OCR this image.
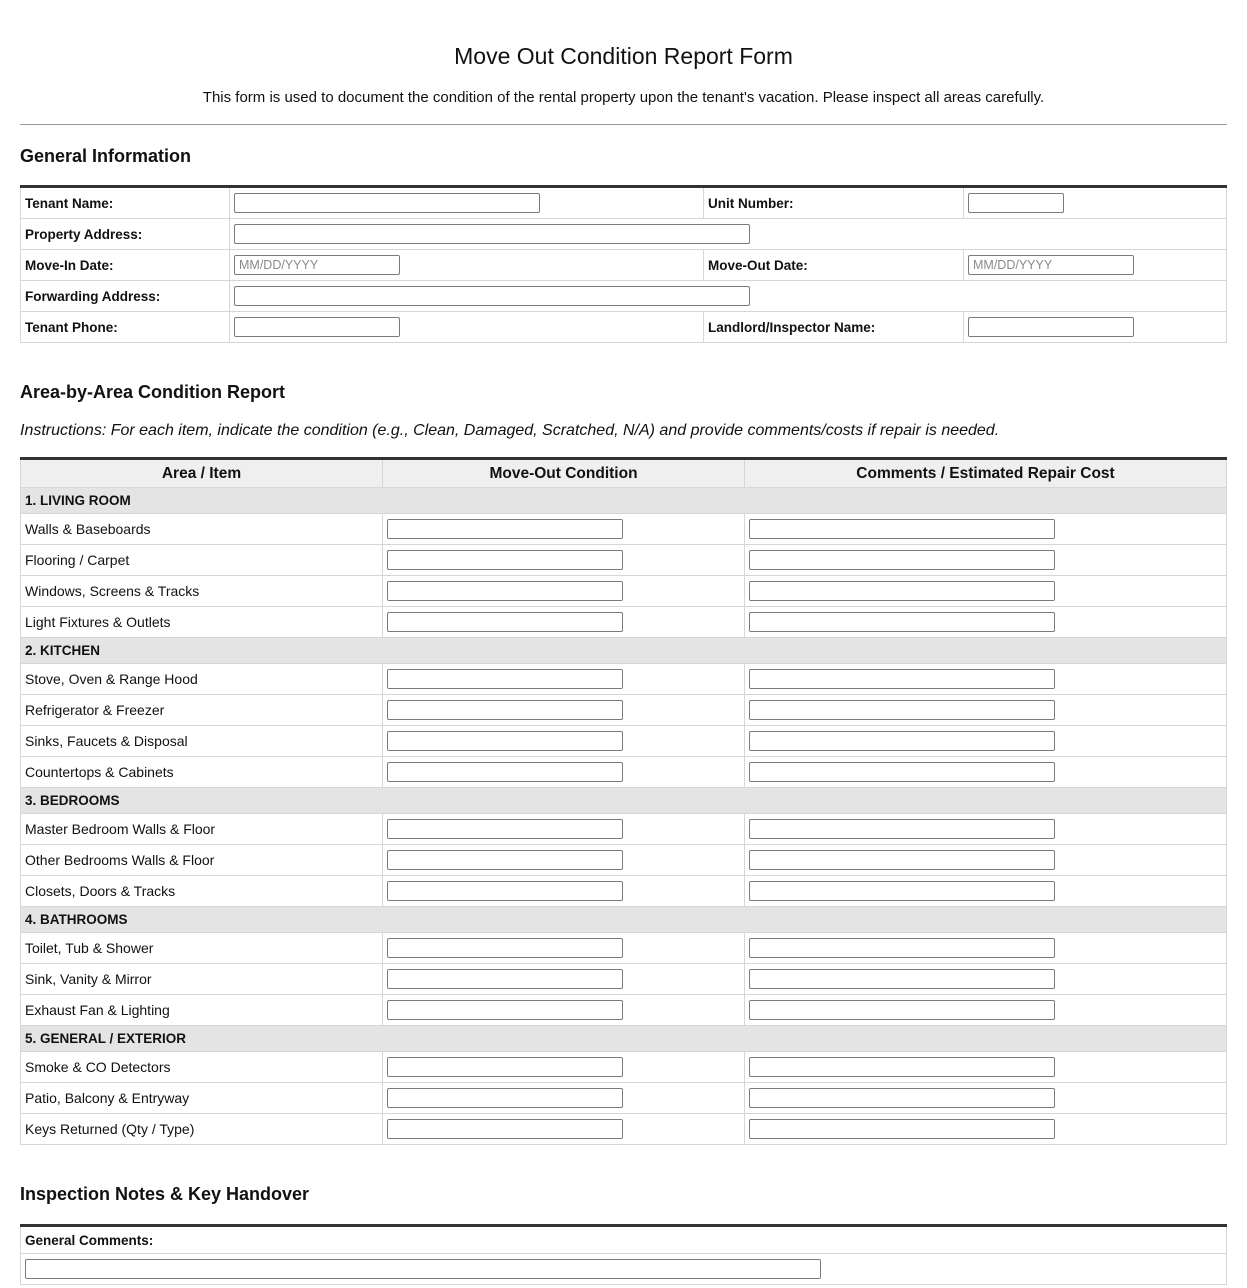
Move Out Condition Report Form

This form is used to document the condition of the rental property upon the tenant's vacation. Please inspect all areas carefully.

General Information
Tenant Name:		Unit Number:	
Property Address:			
Move-In Date:	MM/DD/YYYY	Move-Out Date:	MM/DD/YYYY
Forwarding Address:			
Tenant Phone:		Landlord/Inspector Name:	
Area-by-Area Condition Report

Instructions: For each item, indicate the condition (e.g., Clean, Damaged, Scratched, N/A) and provide comments/costs if repair is needed.

Area / Item	Move-Out Condition	Comments / Estimated Repair Cost
1. LIVING ROOM		
Walls & Baseboards		
Flooring / Carpet		
Windows, Screens & Tracks		
Light Fixtures & Outlets		
2. KITCHEN		
Stove, Oven & Range Hood		
Refrigerator & Freezer		
Sinks, Faucets & Disposal		
Countertops & Cabinets		
3. BEDROOMS		
Master Bedroom Walls & Floor		
Other Bedrooms Walls & Floor		
Closets, Doors & Tracks		
4. BATHROOMS		
Toilet, Tub & Shower		
Sink, Vanity & Mirror		
Exhaust Fan & Lighting		
5. GENERAL / EXTERIOR		
Smoke & CO Detectors		
Patio, Balcony & Entryway		
Keys Returned (Qty / Type)		
Inspection Notes & Key Handover
General Comments:
